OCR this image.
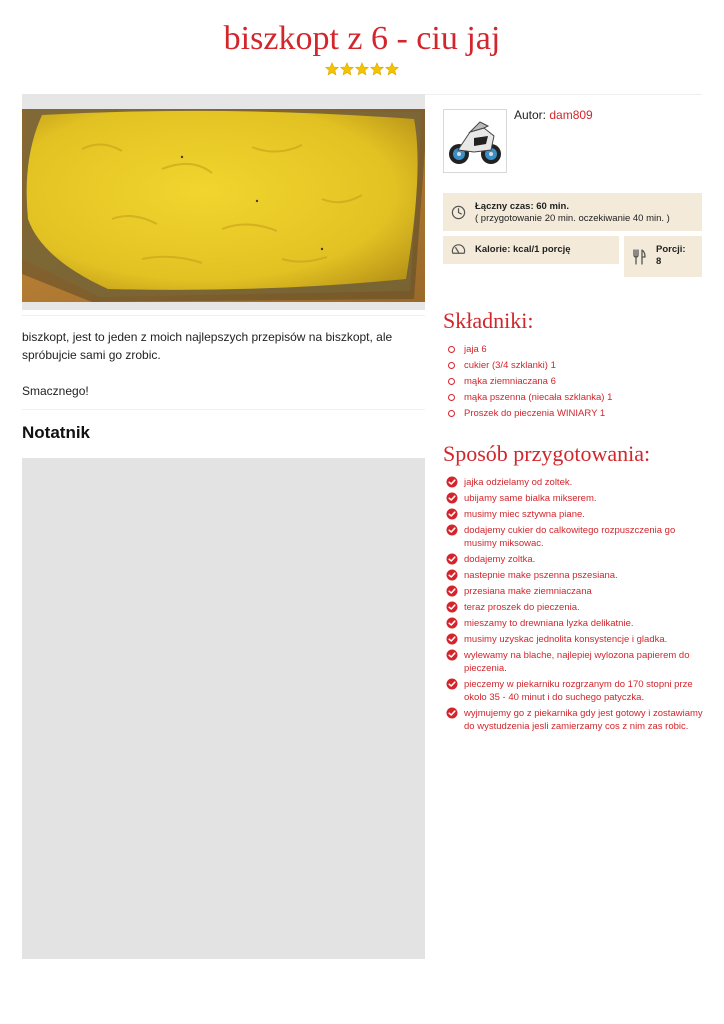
biszkopt z 6 - ciu jaj

biszkopt, jest to jeden z moich najlepszych przepisów na biszkopt, ale spróbujcie sami go zrobic.

Smacznego!

Notatnik
Autor: dam809
Łączny czas: 60 min.
( przygotowanie 20 min. oczekiwanie 40 min. )
Kalorie: kcal/1 porcję	Porcji:
8
Składniki:
jaja 6
cukier (3/4 szklanki) 1
mąka ziemniaczana 6
mąka pszenna (niecała szklanka) 1
Proszek do pieczenia WINIARY 1
Sposób przygotowania:
jajka odzielamy od zoltek.
ubijamy same bialka mikserem.
musimy miec sztywna piane.
dodajemy cukier do calkowitego rozpuszczenia go musimy miksowac.
dodajemy zoltka.
nastepnie make pszenna pszesiana.
przesiana make ziemniaczana
teraz proszek do pieczenia.
mieszamy to drewniana lyzka delikatnie.
musimy uzyskac jednolita konsystencje i gladka.
wylewamy na blache, najlepiej wylozona papierem do pieczenia.
pieczemy w piekarniku rozgrzanym do 170 stopni prze okolo 35 - 40 minut i do suchego patyczka.
wyjmujemy go z piekarnika gdy jest gotowy i zostawiamy do wystudzenia jesli zamierzamy cos z nim zas robic.
